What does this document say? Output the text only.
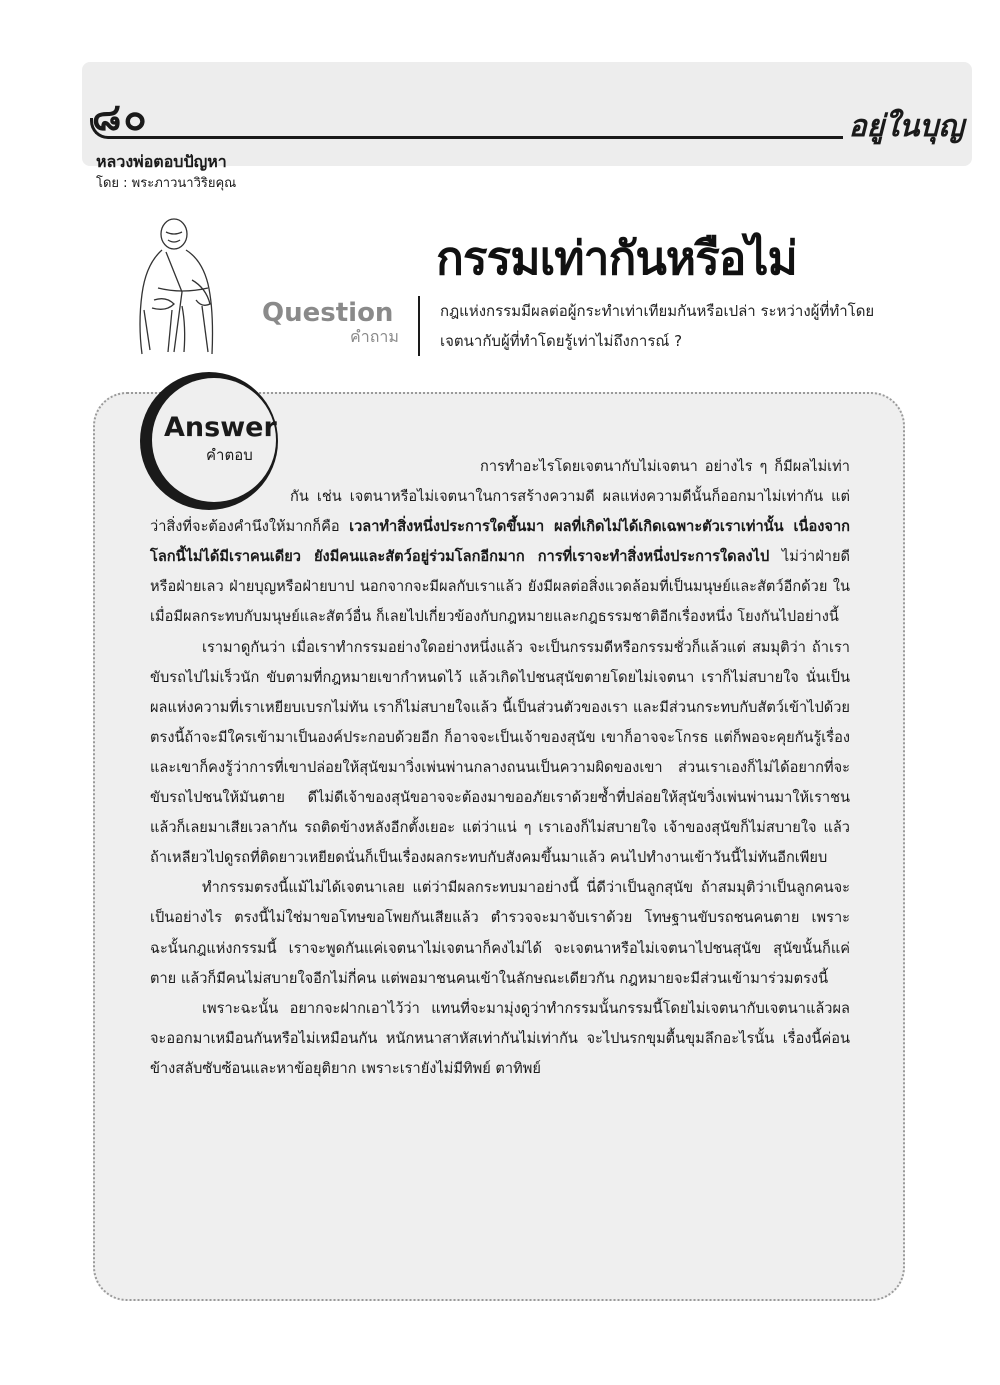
๘๐	อยู่ในบุญ
หลวงพ่อตอบปัญหา
โดย : พระภาวนาวิริยคุณ
กรรมเท่ากันหรือไม่
Question
คำถาม
กฎแห่งกรรมมีผลต่อผู้กระทำเท่าเทียมกันหรือเปล่า ระหว่างผู้ที่ทำโดยเจตนากับผู้ที่ทำโดยรู้เท่าไม่ถึงการณ์ ?
Answer
คำตอบ

การทำอะไรโดยเจตนากับไม่เจตนา อย่างไร ๆ ก็มีผลไม่เท่ากัน เช่น เจตนาหรือไม่เจตนาในการสร้างความดี ผลแห่งความดีนั้นก็ออกมาไม่เท่ากัน แต่ว่าสิ่งที่จะต้องคำนึงให้มากก็คือ เวลาทำสิ่งหนึ่งประการใดขึ้นมา ผลที่เกิดไม่ได้เกิดเฉพาะตัวเราเท่านั้น เนื่องจากโลกนี้ไม่ได้มีเราคนเดียว ยังมีคนและสัตว์อยู่ร่วมโลกอีกมาก การที่เราจะทำสิ่งหนึ่งประการใดลงไป ไม่ว่าฝ่ายดีหรือฝ่ายเลว ฝ่ายบุญหรือฝ่ายบาป นอกจากจะมีผลกับเราแล้ว ยังมีผลต่อสิ่งแวดล้อมที่เป็นมนุษย์และสัตว์อีกด้วย ในเมื่อมีผลกระทบกับมนุษย์และสัตว์อื่น ก็เลยไปเกี่ยวข้องกับกฎหมายและกฎธรรมชาติอีกเรื่องหนึ่ง โยงกันไปอย่างนี้

เรามาดูกันว่า เมื่อเราทำกรรมอย่างใดอย่างหนึ่งแล้ว จะเป็นกรรมดีหรือกรรมชั่วก็แล้วแต่ สมมุติว่า ถ้าเราขับรถไปไม่เร็วนัก ขับตามที่กฎหมายเขากำหนดไว้ แล้วเกิดไปชนสุนัขตายโดยไม่เจตนา เราก็ไม่สบายใจ นั่นเป็นผลแห่งความที่เราเหยียบเบรกไม่ทัน เราก็ไม่สบายใจแล้ว นี้เป็นส่วนตัวของเรา และมีส่วนกระทบกับสัตว์เข้าไปด้วย ตรงนี้ถ้าจะมีใครเข้ามาเป็นองค์ประกอบด้วยอีก ก็อาจจะเป็นเจ้าของสุนัข เขาก็อาจจะโกรธ แต่ก็พอจะคุยกันรู้เรื่อง และเขาก็คงรู้ว่าการที่เขาปล่อยให้สุนัขมาวิ่งเพ่นพ่านกลางถนนเป็นความผิดของเขา ส่วนเราเองก็ไม่ได้อยากที่จะขับรถไปชนให้มันตาย ดีไม่ดีเจ้าของสุนัขอาจจะต้องมาขออภัยเราด้วยซ้ำที่ปล่อยให้สุนัขวิ่งเพ่นพ่านมาให้เราชน แล้วก็เลยมาเสียเวลากัน รถติดข้างหลังอีกตั้งเยอะ แต่ว่าแน่ ๆ เราเองก็ไม่สบายใจ เจ้าของสุนัขก็ไม่สบายใจ แล้วถ้าเหลียวไปดูรถที่ติดยาวเหยียดนั่นก็เป็นเรื่องผลกระทบกับสังคมขึ้นมาแล้ว คนไปทำงานเข้าวันนี้ไม่ทันอีกเพียบ

ทำกรรมตรงนี้แม้ไม่ได้เจตนาเลย แต่ว่ามีผลกระทบมาอย่างนี้ นี่ดีว่าเป็นลูกสุนัข ถ้าสมมุติว่าเป็นลูกคนจะเป็นอย่างไร ตรงนี้ไม่ใช่มาขอโทษขอโพยกันเสียแล้ว ตำรวจจะมาจับเราด้วย โทษฐานขับรถชนคนตาย เพราะฉะนั้นกฎแห่งกรรมนี้ เราจะพูดกันแค่เจตนาไม่เจตนาก็คงไม่ได้ จะเจตนาหรือไม่เจตนาไปชนสุนัข สุนัขนั้นก็แค่ตาย แล้วก็มีคนไม่สบายใจอีกไม่กี่คน แต่พอมาชนคนเข้าในลักษณะเดียวกัน กฎหมายจะมีส่วนเข้ามาร่วมตรงนี้

เพราะฉะนั้น อยากจะฝากเอาไว้ว่า แทนที่จะมามุ่งดูว่าทำกรรมนั้นกรรมนี้โดยไม่เจตนากับเจตนาแล้วผลจะออกมาเหมือนกันหรือไม่เหมือนกัน หนักหนาสาหัสเท่ากันไม่เท่ากัน จะไปนรกขุมตื้นขุมลึกอะไรนั้น เรื่องนี้ค่อนข้างสลับซับซ้อนและหาข้อยุติยาก เพราะเรายังไม่มีทิพย์ ตาทิพย์
